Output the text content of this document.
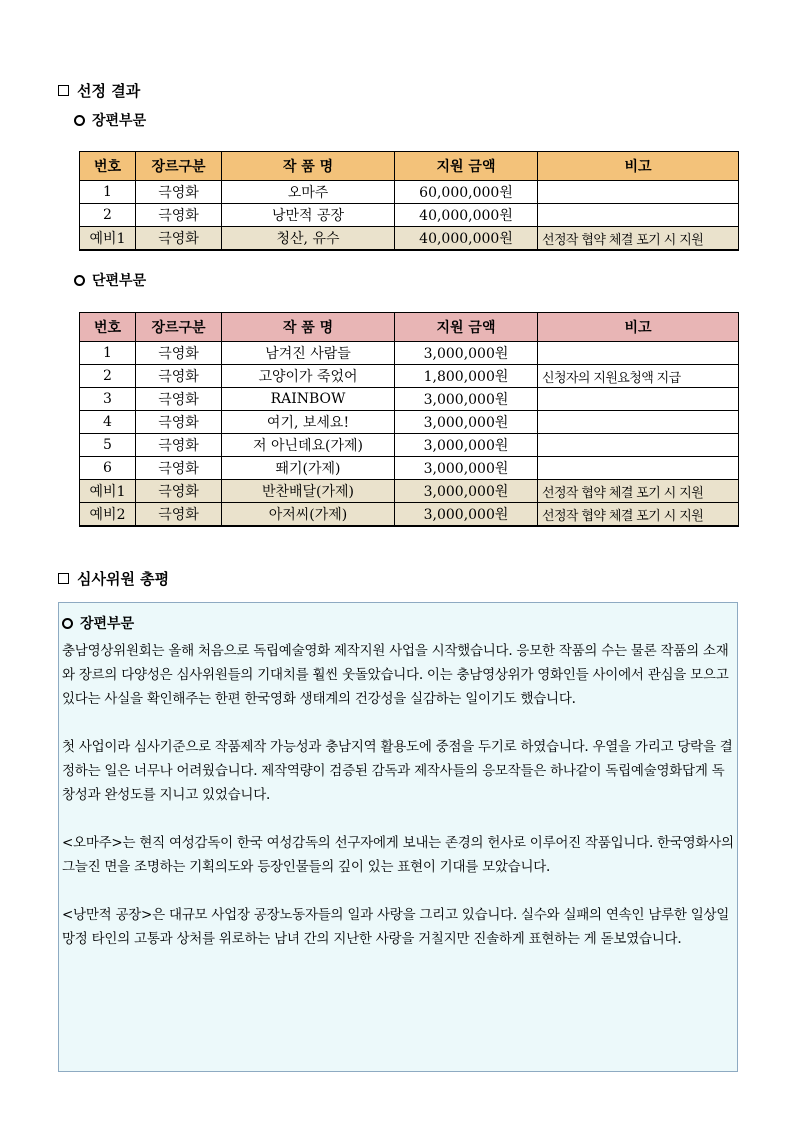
선정 결과
장편부문
번호	장르구분	작 품 명	지원 금액	비고
1	극영화	오마주	60,000,000원	
2	극영화	낭만적 공장	40,000,000원	
예비1	극영화	청산, 유수	40,000,000원	선정작 협약 체결 포기 시 지원
단편부문
번호	장르구분	작 품 명	지원 금액	비고
1	극영화	남겨진 사람들	3,000,000원	
2	극영화	고양이가 죽었어	1,800,000원	신청자의 지원요청액 지급
3	극영화	RAINBOW	3,000,000원	
4	극영화	여기, 보세요!	3,000,000원	
5	극영화	저 아닌데요(가제)	3,000,000원	
6	극영화	뙈기(가제)	3,000,000원	
예비1	극영화	반찬배달(가제)	3,000,000원	선정작 협약 체결 포기 시 지원
예비2	극영화	아저씨(가제)	3,000,000원	선정작 협약 체결 포기 시 지원
심사위원 총평
장편부문

충남영상위원회는 올해 처음으로 독립예술영화 제작지원 사업을 시작했습니다. 응모한 작품의 수는 물론 작품의 소재와 장르의 다양성은 심사위원들의 기대치를 훨씬 웃돌았습니다. 이는 충남영상위가 영화인들 사이에서 관심을 모으고 있다는 사실을 확인해주는 한편 한국영화 생태계의 건강성을 실감하는 일이기도 했습니다.

첫 사업이라 심사기준으로 작품제작 가능성과 충남지역 활용도에 중점을 두기로 하였습니다. 우열을 가리고 당락을 결정하는 일은 너무나 어려웠습니다. 제작역량이 검증된 감독과 제작사들의 응모작들은 하나같이 독립예술영화답게 독창성과 완성도를 지니고 있었습니다.

<오마주>는 현직 여성감독이 한국 여성감독의 선구자에게 보내는 존경의 헌사로 이루어진 작품입니다. 한국영화사의 그늘진 면을 조명하는 기획의도와 등장인물들의 깊이 있는 표현이 기대를 모았습니다.

<낭만적 공장>은 대규모 사업장 공장노동자들의 일과 사랑을 그리고 있습니다. 실수와 실패의 연속인 남루한 일상일망정 타인의 고통과 상처를 위로하는 남녀 간의 지난한 사랑을 거칠지만 진솔하게 표현하는 게 돋보였습니다.
